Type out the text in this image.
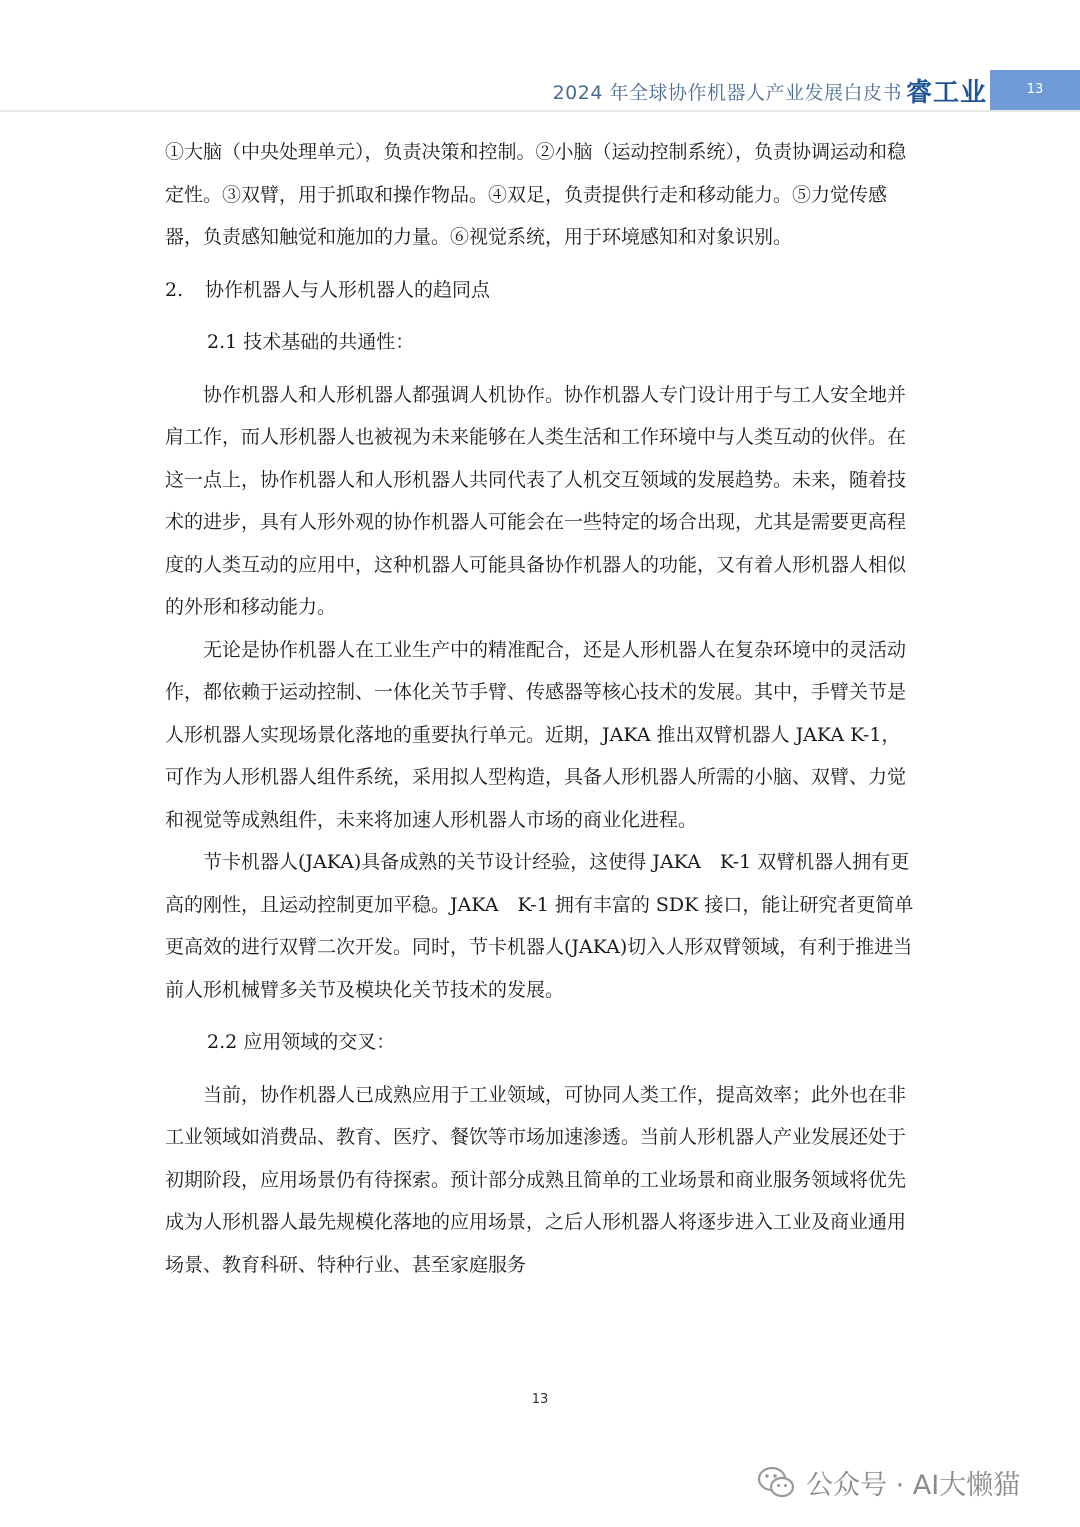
2024 年全球协作机器人产业发展白皮书 睿工业	13

①大脑（中央处理单元），负责决策和控制。②小脑（运动控制系统），负责协调运动和稳定性。③双臂，用于抓取和操作物品。④双足，负责提供行走和移动能力。⑤力觉传感器，负责感知触觉和施加的力量。⑥视觉系统，用于环境感知和对象识别。

2.	协作机器人与人形机器人的趋同点

2.1 技术基础的共通性：

协作机器人和人形机器人都强调人机协作。协作机器人专门设计用于与工人安全地并肩工作，而人形机器人也被视为未来能够在人类生活和工作环境中与人类互动的伙伴。在这一点上，协作机器人和人形机器人共同代表了人机交互领域的发展趋势。未来，随着技术的进步，具有人形外观的协作机器人可能会在一些特定的场合出现，尤其是需要更高程度的人类互动的应用中，这种机器人可能具备协作机器人的功能，又有着人形机器人相似的外形和移动能力。

无论是协作机器人在工业生产中的精准配合，还是人形机器人在复杂环境中的灵活动作，都依赖于运动控制、一体化关节手臂、传感器等核心技术的发展。其中，手臂关节是人形机器人实现场景化落地的重要执行单元。近期，JAKA 推出双臂机器人 JAKA K-1，可作为人形机器人组件系统，采用拟人型构造，具备人形机器人所需的小脑、双臂、力觉和视觉等成熟组件，未来将加速人形机器人市场的商业化进程。

节卡机器人(JAKA)具备成熟的关节设计经验，这使得 JAKA　K-1 双臂机器人拥有更高的刚性，且运动控制更加平稳。JAKA　K-1 拥有丰富的 SDK 接口，能让研究者更简单更高效的进行双臂二次开发。同时，节卡机器人(JAKA)切入人形双臂领域，有利于推进当前人形机械臂多关节及模块化关节技术的发展。

2.2 应用领域的交叉：

当前，协作机器人已成熟应用于工业领域，可协同人类工作，提高效率；此外也在非工业领域如消费品、教育、医疗、餐饮等市场加速渗透。当前人形机器人产业发展还处于初期阶段，应用场景仍有待探索。预计部分成熟且简单的工业场景和商业服务领域将优先成为人形机器人最先规模化落地的应用场景，之后人形机器人将逐步进入工业及商业通用场景、教育科研、特种行业、甚至家庭服务

13
公众号 · AI大懒猫
